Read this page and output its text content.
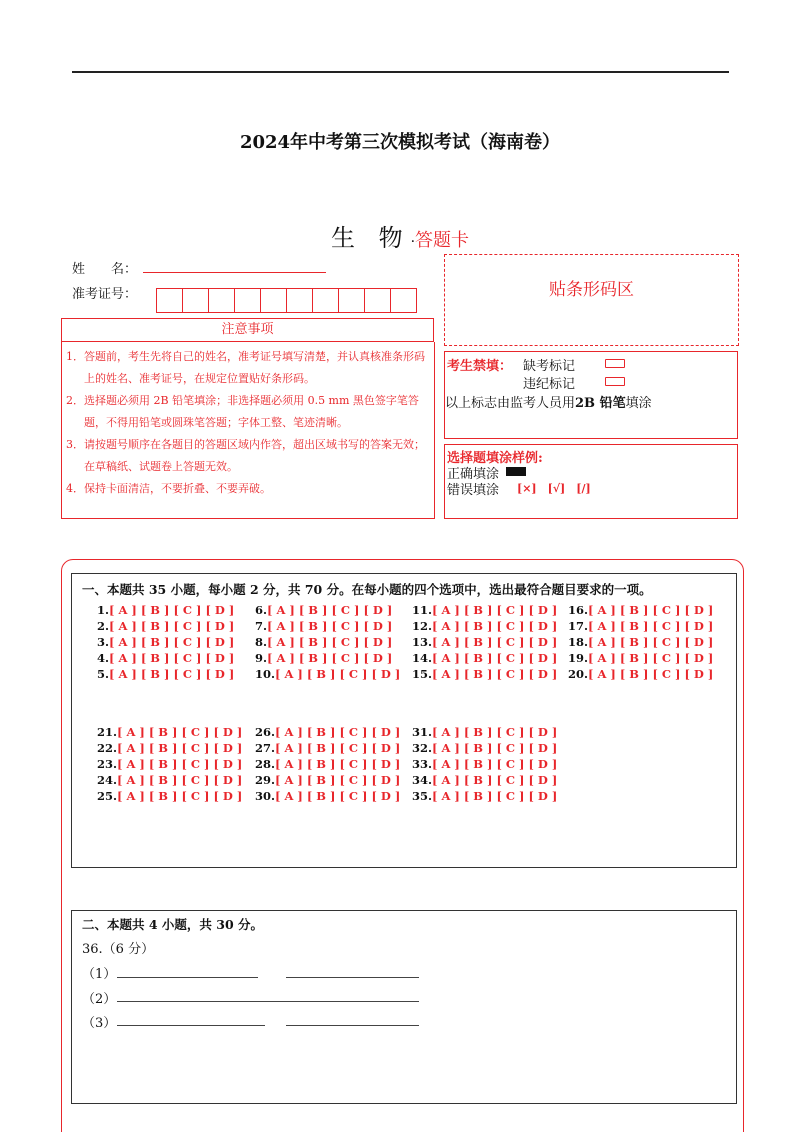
2024年中考第三次模拟考试（海南卷）
生 物·答题卡
姓　　名：
准考证号：
注意事项

1．答题前，考生先将自己的姓名，准考证号填写清楚，并认真核准条形码上的姓名、准考证号，在规定位置贴好条形码。

2．选择题必须用 2B 铅笔填涂；非选择题必须用 0.5 mm 黑色签字笔答题，不得用铅笔或圆珠笔答题；字体工整、笔迹清晰。

3．请按题号顺序在各题目的答题区域内作答，超出区域书写的答案无效；在草稿纸、试题卷上答题无效。

4．保持卡面清洁，不要折叠、不要弄破。

贴条形码区
考生禁填： 缺考标记
违纪标记
以上标志由监考人员用2B 铅笔填涂
选择题填涂样例:
正确填涂
错误填涂 [×]　[√]　[/]
一、本题共 35 小题，每小题 2 分，共 70 分。在每小题的四个选项中，选出最符合题目要求的一项。
1.[ A ] [ B ] [ C ] [ D ]
2.[ A ] [ B ] [ C ] [ D ]
3.[ A ] [ B ] [ C ] [ D ]
4.[ A ] [ B ] [ C ] [ D ]
5.[ A ] [ B ] [ C ] [ D ]
6.[ A ] [ B ] [ C ] [ D ]
7.[ A ] [ B ] [ C ] [ D ]
8.[ A ] [ B ] [ C ] [ D ]
9.[ A ] [ B ] [ C ] [ D ]
10.[ A ] [ B ] [ C ] [ D ]
11.[ A ] [ B ] [ C ] [ D ]
12.[ A ] [ B ] [ C ] [ D ]
13.[ A ] [ B ] [ C ] [ D ]
14.[ A ] [ B ] [ C ] [ D ]
15.[ A ] [ B ] [ C ] [ D ]
16.[ A ] [ B ] [ C ] [ D ]
17.[ A ] [ B ] [ C ] [ D ]
18.[ A ] [ B ] [ C ] [ D ]
19.[ A ] [ B ] [ C ] [ D ]
20.[ A ] [ B ] [ C ] [ D ]
21.[ A ] [ B ] [ C ] [ D ]
22.[ A ] [ B ] [ C ] [ D ]
23.[ A ] [ B ] [ C ] [ D ]
24.[ A ] [ B ] [ C ] [ D ]
25.[ A ] [ B ] [ C ] [ D ]
26.[ A ] [ B ] [ C ] [ D ]
27.[ A ] [ B ] [ C ] [ D ]
28.[ A ] [ B ] [ C ] [ D ]
29.[ A ] [ B ] [ C ] [ D ]
30.[ A ] [ B ] [ C ] [ D ]
31.[ A ] [ B ] [ C ] [ D ]
32.[ A ] [ B ] [ C ] [ D ]
33.[ A ] [ B ] [ C ] [ D ]
34.[ A ] [ B ] [ C ] [ D ]
35.[ A ] [ B ] [ C ] [ D ]
二、本题共 4 小题，共 30 分。
36.（6 分）
（1）
（2）
（3）
